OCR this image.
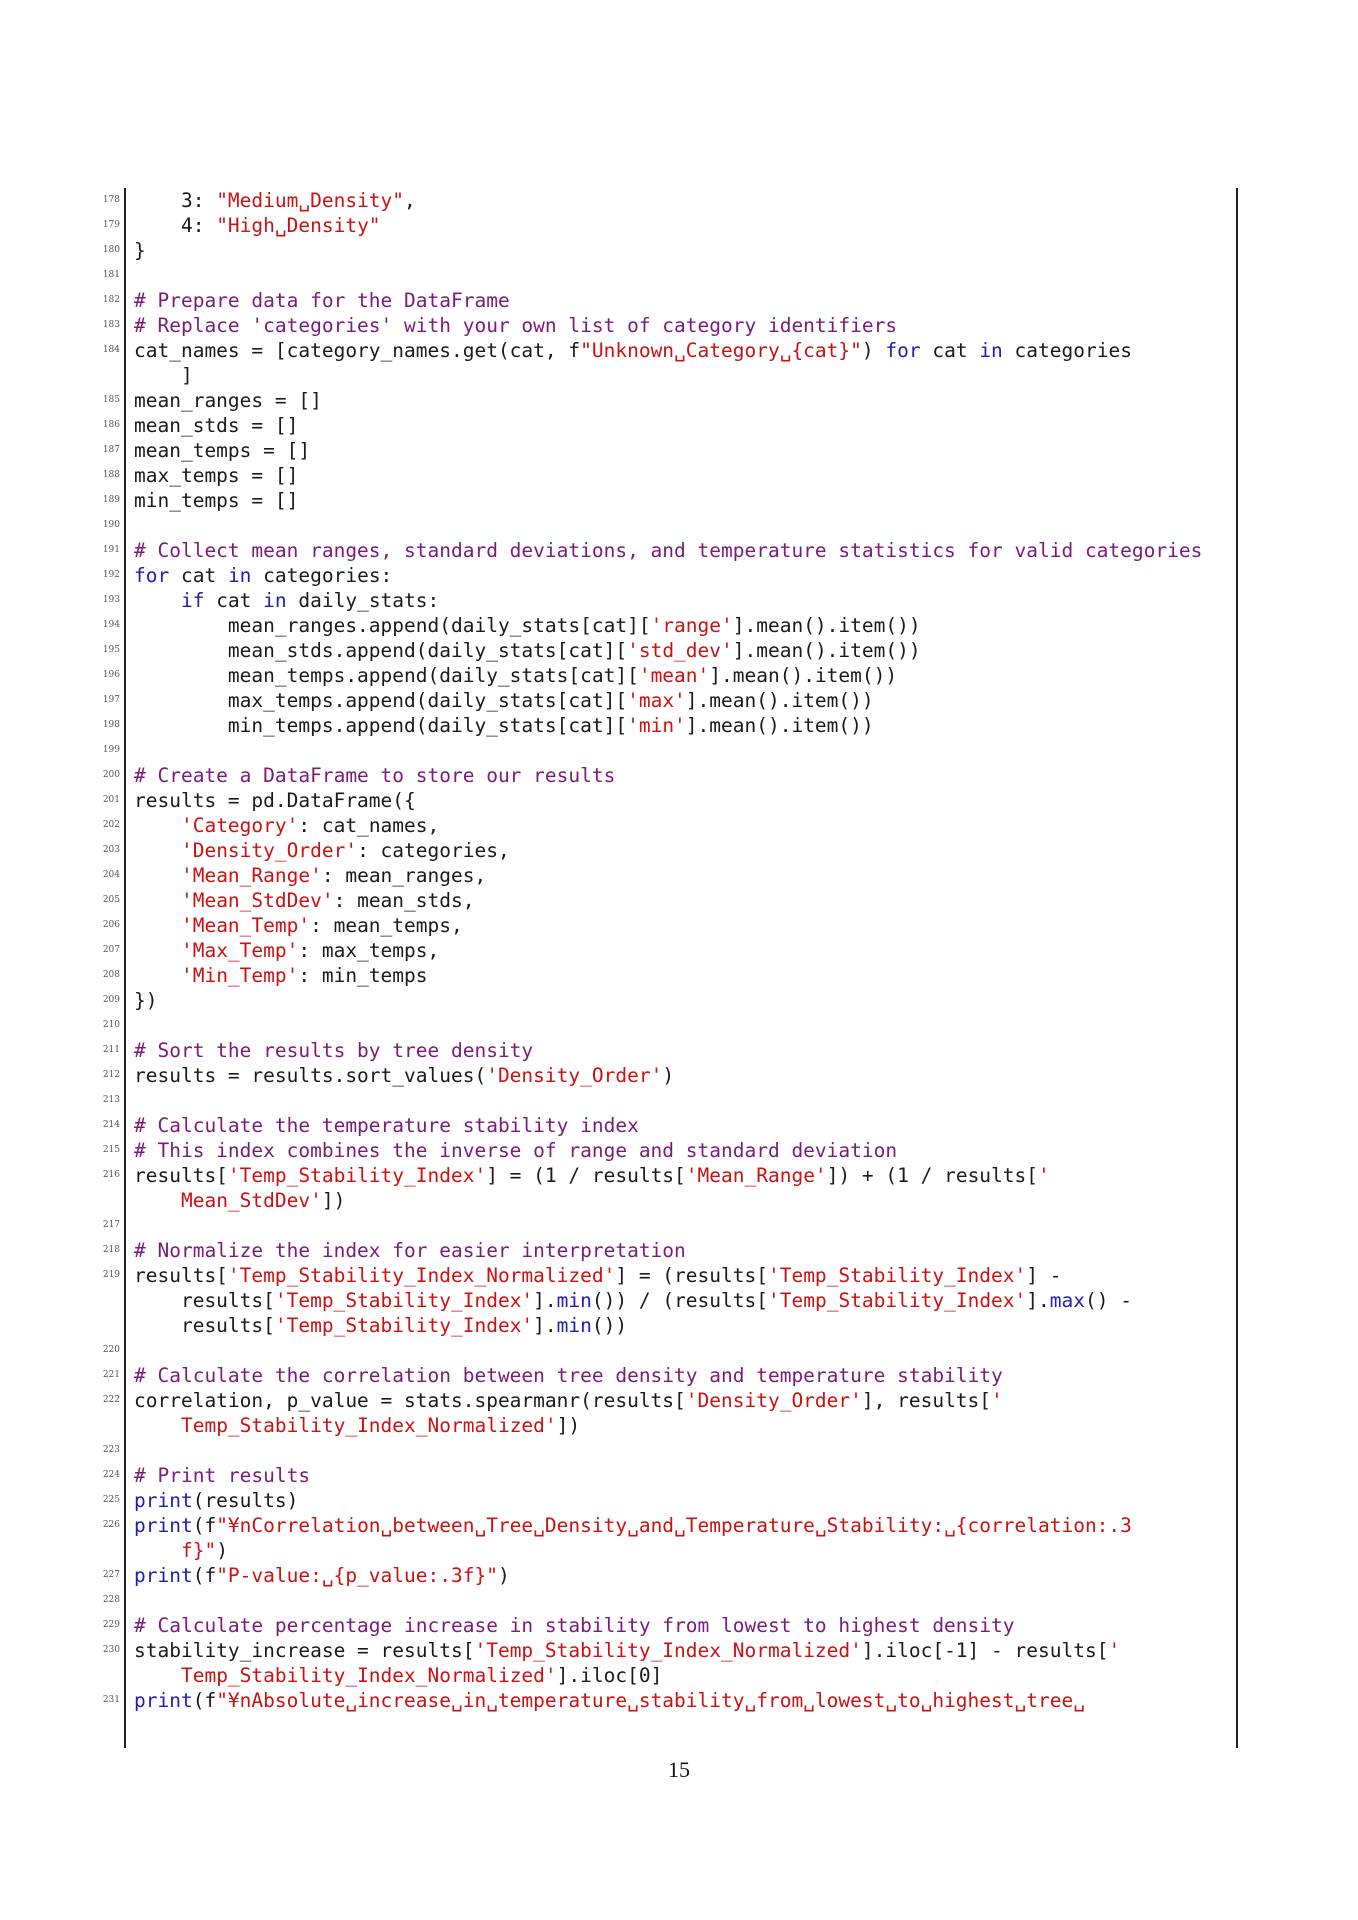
178 3: "Medium␣Density",
179 4: "High␣Density"
180 }
181
182 # Prepare data for the DataFrame
183 # Replace 'categories' with your own list of category identifiers
184 cat_names = [category_names.get(cat, f"Unknown␣Category␣{cat}") for cat in categories
]
185 mean_ranges = []
186 mean_stds = []
187 mean_temps = []
188 max_temps = []
189 min_temps = []
190
191 # Collect mean ranges, standard deviations, and temperature statistics for valid categories
192 for cat in categories:
193	if cat in daily_stats:
194 mean_ranges.append(daily_stats[cat]['range'].mean().item())
195 mean_stds.append(daily_stats[cat]['std_dev'].mean().item())
196 mean_temps.append(daily_stats[cat]['mean'].mean().item())
197 max_temps.append(daily_stats[cat]['max'].mean().item())
198 min_temps.append(daily_stats[cat]['min'].mean().item())
199
200 # Create a DataFrame to store our results
201 results = pd.DataFrame({
202	'Category': cat_names,
203	'Density_Order': categories,
204	'Mean_Range': mean_ranges,
205	'Mean_StdDev': mean_stds,
206	'Mean_Temp': mean_temps,
207	'Max_Temp': max_temps,
208	'Min_Temp': min_temps
209 })
210
211 # Sort the results by tree density
212 results = results.sort_values('Density_Order')
213
214 # Calculate the temperature stability index
215 # This index combines the inverse of range and standard deviation
216 results['Temp_Stability_Index'] = (1 / results['Mean_Range']) + (1 / results['
Mean_StdDev'])
217
218 # Normalize the index for easier interpretation
219 results['Temp_Stability_Index_Normalized'] = (results['Temp_Stability_Index'] -
results['Temp_Stability_Index'].min()) / (results['Temp_Stability_Index'].max() -
results['Temp_Stability_Index'].min())
220
221 # Calculate the correlation between tree density and temperature stability
222 correlation, p_value = stats.spearmanr(results['Density_Order'], results['
Temp_Stability_Index_Normalized'])
223
224 # Print results
225 print(results)
226 print(f"¥nCorrelation␣between␣Tree␣Density␣and␣Temperature␣Stability:␣{correlation:.3
f}")
227 print(f"P-value:␣{p_value:.3f}")
228
229 # Calculate percentage increase in stability from lowest to highest density
230 stability_increase = results['Temp_Stability_Index_Normalized'].iloc[-1] - results['
Temp_Stability_Index_Normalized'].iloc[0]
231 print(f"¥nAbsolute␣increase␣in␣temperature␣stability␣from␣lowest␣to␣highest␣tree␣
15
